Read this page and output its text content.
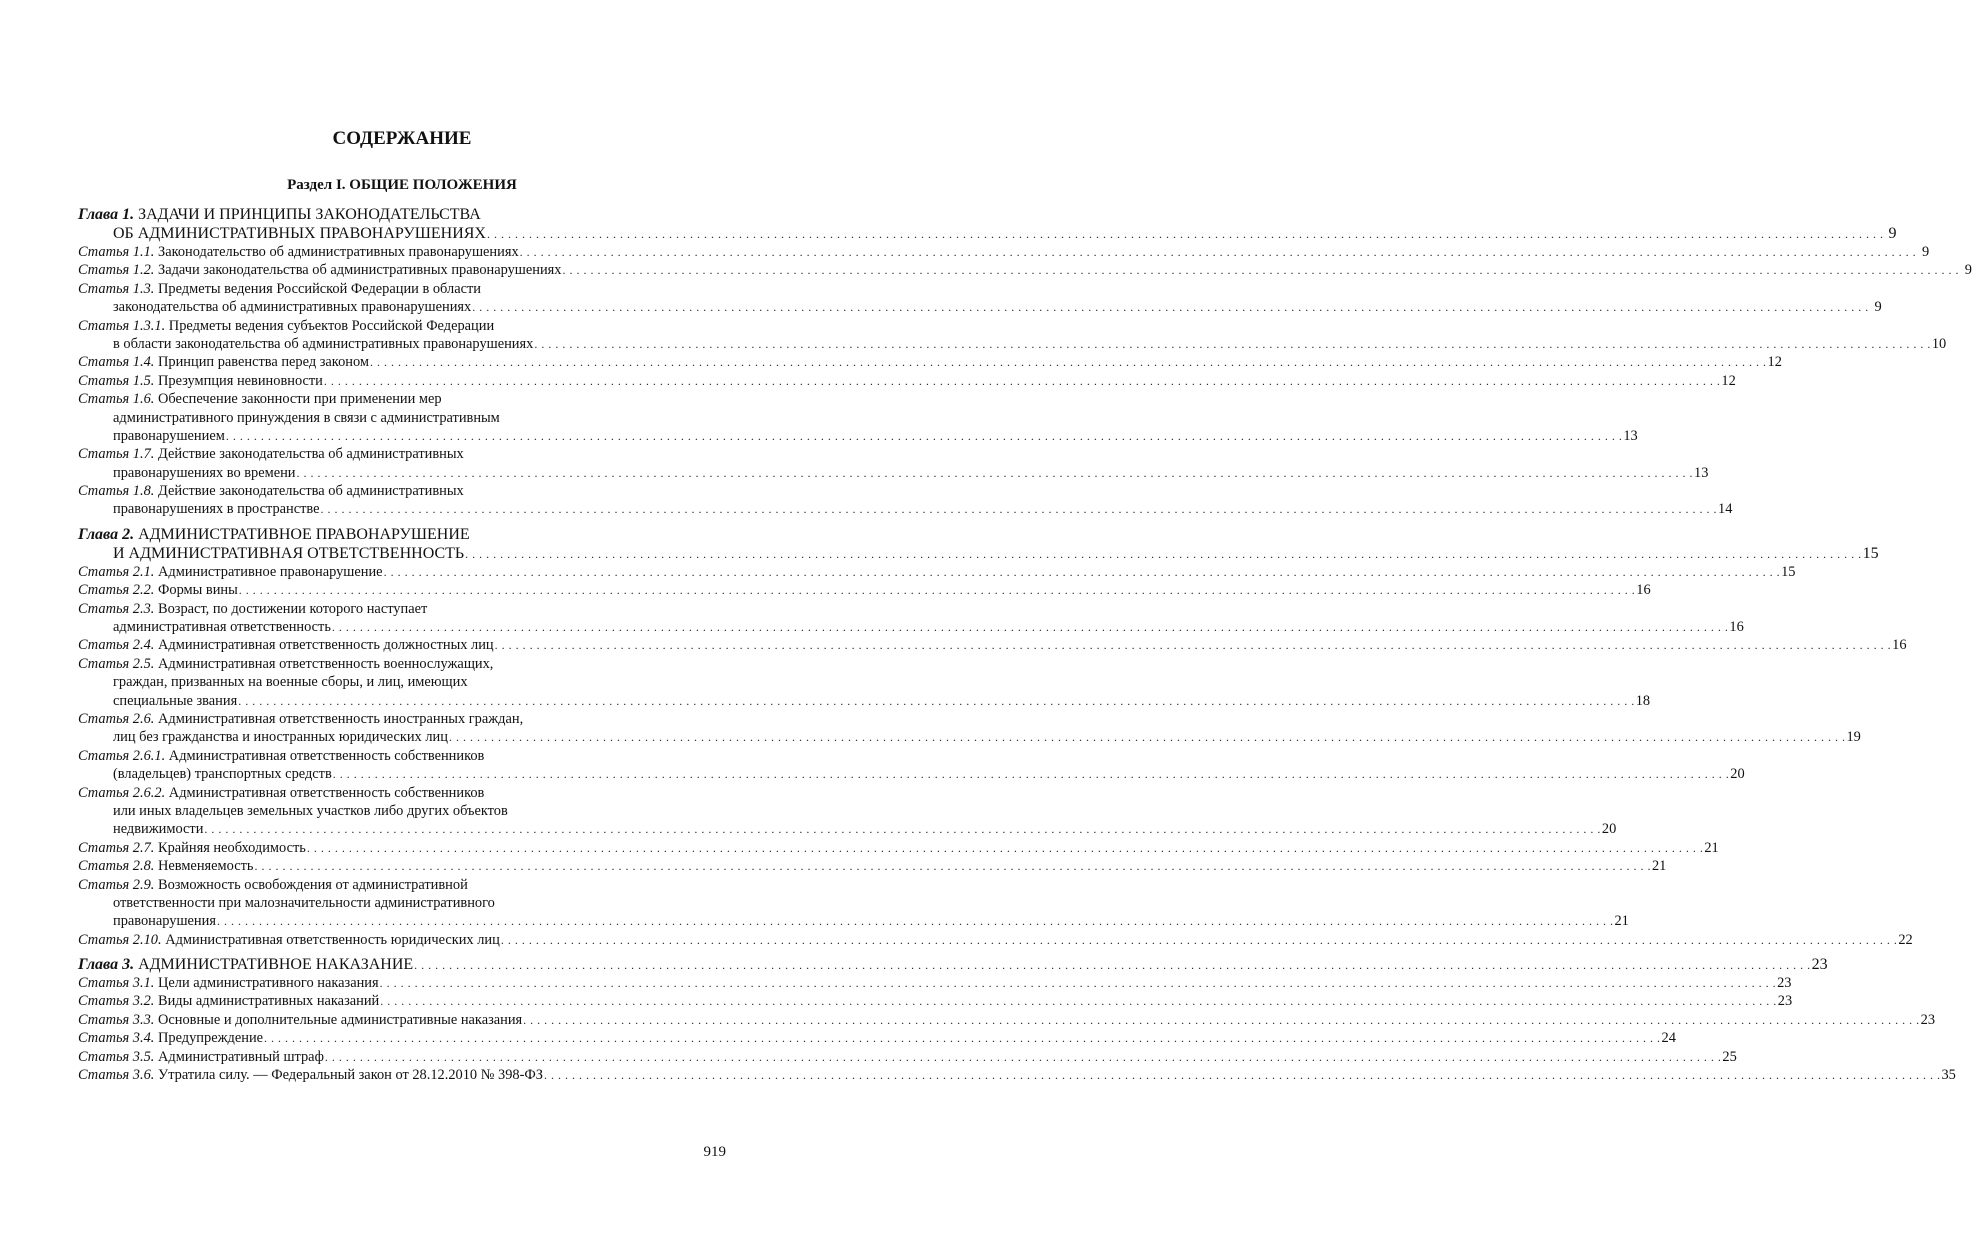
СОДЕРЖАНИЕ
Раздел I. ОБЩИЕ ПОЛОЖЕНИЯ
Глава 1. ЗАДАЧИ И ПРИНЦИПЫ ЗАКОНОДАТЕЛЬСТВА
ОБ АДМИНИСТРАТИВНЫХ ПРАВОНАРУШЕНИЯХ . . . . . . . . . . . . . . . . . . . . . . . . . . . . . . . . . . . . . . . . . . . . . . . . . . . . . . . . . . . . . . . . . . . . . . . . . . . . . . . . . . . . . . . . . . . . . . . . . . . . . . . . . . . . . . . . . . . . . . . . . . . . . . . . . . . . . . . . . . . . . . . . . . . . . . . . . . . . . . . . . . . . . . . . . . . . . . . . . . . . . . . . . . . . . . . . . . . . . . . . 9
Статья 1.1. Законодательство об административных правонарушениях . . . . . . . . . . . . . . . . . . . . . . . . . . . . . . . . . . . . . . . . . . . . . . . . . . . . . . . . . . . . . . . . . . . . . . . . . . . . . . . . . . . . . . . . . . . . . . . . . . . . . . . . . . . . . . . . . . . . . . . . . . . . . . . . . . . . . . . . . . . . . . . . . . . . . . . . . . . . . . . . . . . . . . . . . . . . . . . . . . . . . . . . . . . . . . . . . . . . . . . . 9
Статья 1.2. Задачи законодательства об административных правонарушениях . . . . . . . . . . . . . . . . . . . . . . . . . . . . . . . . . . . . . . . . . . . . . . . . . . . . . . . . . . . . . . . . . . . . . . . . . . . . . . . . . . . . . . . . . . . . . . . . . . . . . . . . . . . . . . . . . . . . . . . . . . . . . . . . . . . . . . . . . . . . . . . . . . . . . . . . . . . . . . . . . . . . . . . . . . . . . . . . . . . . . . . . . . . . . . . . . . . . . . . . 9
Статья 1.3. Предметы ведения Российской Федерации в области
законодательства об административных правонарушениях . . . . . . . . . . . . . . . . . . . . . . . . . . . . . . . . . . . . . . . . . . . . . . . . . . . . . . . . . . . . . . . . . . . . . . . . . . . . . . . . . . . . . . . . . . . . . . . . . . . . . . . . . . . . . . . . . . . . . . . . . . . . . . . . . . . . . . . . . . . . . . . . . . . . . . . . . . . . . . . . . . . . . . . . . . . . . . . . . . . . . . . . . . . . . . . . . . . . . . . . 9
Статья 1.3.1. Предметы ведения субъектов Российской Федерации
в области законодательства об административных правонарушениях . . . . . . . . . . . . . . . . . . . . . . . . . . . . . . . . . . . . . . . . . . . . . . . . . . . . . . . . . . . . . . . . . . . . . . . . . . . . . . . . . . . . . . . . . . . . . . . . . . . . . . . . . . . . . . . . . . . . . . . . . . . . . . . . . . . . . . . . . . . . . . . . . . . . . . . . . . . . . . . . . . . . . . . . . . . . . . . . . . . . . . . . . . . . . . . . . . . . . . . . 10
Статья 1.4. Принцип равенства перед законом . . . . . . . . . . . . . . . . . . . . . . . . . . . . . . . . . . . . . . . . . . . . . . . . . . . . . . . . . . . . . . . . . . . . . . . . . . . . . . . . . . . . . . . . . . . . . . . . . . . . . . . . . . . . . . . . . . . . . . . . . . . . . . . . . . . . . . . . . . . . . . . . . . . . . . . . . . . . . . . . . . . . . . . . . . . . . . . . . . . . . . . . . . . . . . . . . . . . . . . . 12
Статья 1.5. Презумпция невиновности . . . . . . . . . . . . . . . . . . . . . . . . . . . . . . . . . . . . . . . . . . . . . . . . . . . . . . . . . . . . . . . . . . . . . . . . . . . . . . . . . . . . . . . . . . . . . . . . . . . . . . . . . . . . . . . . . . . . . . . . . . . . . . . . . . . . . . . . . . . . . . . . . . . . . . . . . . . . . . . . . . . . . . . . . . . . . . . . . . . . . . . . . . . . . . . . . . . . . . . . 12
Статья 1.6. Обеспечение законности при применении мер
административного принуждения в связи с административным
правонарушением . . . . . . . . . . . . . . . . . . . . . . . . . . . . . . . . . . . . . . . . . . . . . . . . . . . . . . . . . . . . . . . . . . . . . . . . . . . . . . . . . . . . . . . . . . . . . . . . . . . . . . . . . . . . . . . . . . . . . . . . . . . . . . . . . . . . . . . . . . . . . . . . . . . . . . . . . . . . . . . . . . . . . . . . . . . . . . . . . . . . . . . . . . . . . . . . . . . . . . . . 13
Статья 1.7. Действие законодательства об административных
правонарушениях во времени . . . . . . . . . . . . . . . . . . . . . . . . . . . . . . . . . . . . . . . . . . . . . . . . . . . . . . . . . . . . . . . . . . . . . . . . . . . . . . . . . . . . . . . . . . . . . . . . . . . . . . . . . . . . . . . . . . . . . . . . . . . . . . . . . . . . . . . . . . . . . . . . . . . . . . . . . . . . . . . . . . . . . . . . . . . . . . . . . . . . . . . . . . . . . . . . . . . . . . . . 13
Статья 1.8. Действие законодательства об административных
правонарушениях в пространстве . . . . . . . . . . . . . . . . . . . . . . . . . . . . . . . . . . . . . . . . . . . . . . . . . . . . . . . . . . . . . . . . . . . . . . . . . . . . . . . . . . . . . . . . . . . . . . . . . . . . . . . . . . . . . . . . . . . . . . . . . . . . . . . . . . . . . . . . . . . . . . . . . . . . . . . . . . . . . . . . . . . . . . . . . . . . . . . . . . . . . . . . . . . . . . . . . . . . . . . . 14
Глава 2. АДМИНИСТРАТИВНОЕ ПРАВОНАРУШЕНИЕ
И АДМИНИСТРАТИВНАЯ ОТВЕТСТВЕННОСТЬ . . . . . . . . . . . . . . . . . . . . . . . . . . . . . . . . . . . . . . . . . . . . . . . . . . . . . . . . . . . . . . . . . . . . . . . . . . . . . . . . . . . . . . . . . . . . . . . . . . . . . . . . . . . . . . . . . . . . . . . . . . . . . . . . . . . . . . . . . . . . . . . . . . . . . . . . . . . . . . . . . . . . . . . . . . . . . . . . . . . . . . . . . . . . . . . . . . . . . . . . 15
Статья 2.1. Административное правонарушение . . . . . . . . . . . . . . . . . . . . . . . . . . . . . . . . . . . . . . . . . . . . . . . . . . . . . . . . . . . . . . . . . . . . . . . . . . . . . . . . . . . . . . . . . . . . . . . . . . . . . . . . . . . . . . . . . . . . . . . . . . . . . . . . . . . . . . . . . . . . . . . . . . . . . . . . . . . . . . . . . . . . . . . . . . . . . . . . . . . . . . . . . . . . . . . . . . . . . . . . 15
Статья 2.2. Формы вины . . . . . . . . . . . . . . . . . . . . . . . . . . . . . . . . . . . . . . . . . . . . . . . . . . . . . . . . . . . . . . . . . . . . . . . . . . . . . . . . . . . . . . . . . . . . . . . . . . . . . . . . . . . . . . . . . . . . . . . . . . . . . . . . . . . . . . . . . . . . . . . . . . . . . . . . . . . . . . . . . . . . . . . . . . . . . . . . . . . . . . . . . . . . . . . . . . . . . . . . 16
Статья 2.3. Возраст, по достижении которого наступает
административная ответственность . . . . . . . . . . . . . . . . . . . . . . . . . . . . . . . . . . . . . . . . . . . . . . . . . . . . . . . . . . . . . . . . . . . . . . . . . . . . . . . . . . . . . . . . . . . . . . . . . . . . . . . . . . . . . . . . . . . . . . . . . . . . . . . . . . . . . . . . . . . . . . . . . . . . . . . . . . . . . . . . . . . . . . . . . . . . . . . . . . . . . . . . . . . . . . . . . . . . . . . . 16
Статья 2.4. Административная ответственность должностных лиц . . . . . . . . . . . . . . . . . . . . . . . . . . . . . . . . . . . . . . . . . . . . . . . . . . . . . . . . . . . . . . . . . . . . . . . . . . . . . . . . . . . . . . . . . . . . . . . . . . . . . . . . . . . . . . . . . . . . . . . . . . . . . . . . . . . . . . . . . . . . . . . . . . . . . . . . . . . . . . . . . . . . . . . . . . . . . . . . . . . . . . . . . . . . . . . . . . . . . . . . 16
Статья 2.5. Административная ответственность военнослужащих,
граждан, призванных на военные сборы, и лиц, имеющих
специальные звания . . . . . . . . . . . . . . . . . . . . . . . . . . . . . . . . . . . . . . . . . . . . . . . . . . . . . . . . . . . . . . . . . . . . . . . . . . . . . . . . . . . . . . . . . . . . . . . . . . . . . . . . . . . . . . . . . . . . . . . . . . . . . . . . . . . . . . . . . . . . . . . . . . . . . . . . . . . . . . . . . . . . . . . . . . . . . . . . . . . . . . . . . . . . . . . . . . . . . . . . 18
Статья 2.6. Административная ответственность иностранных граждан,
лиц без гражданства и иностранных юридических лиц . . . . . . . . . . . . . . . . . . . . . . . . . . . . . . . . . . . . . . . . . . . . . . . . . . . . . . . . . . . . . . . . . . . . . . . . . . . . . . . . . . . . . . . . . . . . . . . . . . . . . . . . . . . . . . . . . . . . . . . . . . . . . . . . . . . . . . . . . . . . . . . . . . . . . . . . . . . . . . . . . . . . . . . . . . . . . . . . . . . . . . . . . . . . . . . . . . . . . . . . 19
Статья 2.6.1. Административная ответственность собственников
(владельцев) транспортных средств . . . . . . . . . . . . . . . . . . . . . . . . . . . . . . . . . . . . . . . . . . . . . . . . . . . . . . . . . . . . . . . . . . . . . . . . . . . . . . . . . . . . . . . . . . . . . . . . . . . . . . . . . . . . . . . . . . . . . . . . . . . . . . . . . . . . . . . . . . . . . . . . . . . . . . . . . . . . . . . . . . . . . . . . . . . . . . . . . . . . . . . . . . . . . . . . . . . . . . . . 20
Статья 2.6.2. Административная ответственность собственников
или иных владельцев земельных участков либо других объектов
недвижимости . . . . . . . . . . . . . . . . . . . . . . . . . . . . . . . . . . . . . . . . . . . . . . . . . . . . . . . . . . . . . . . . . . . . . . . . . . . . . . . . . . . . . . . . . . . . . . . . . . . . . . . . . . . . . . . . . . . . . . . . . . . . . . . . . . . . . . . . . . . . . . . . . . . . . . . . . . . . . . . . . . . . . . . . . . . . . . . . . . . . . . . . . . . . . . . . . . . . . . . . 20
Статья 2.7. Крайняя необходимость . . . . . . . . . . . . . . . . . . . . . . . . . . . . . . . . . . . . . . . . . . . . . . . . . . . . . . . . . . . . . . . . . . . . . . . . . . . . . . . . . . . . . . . . . . . . . . . . . . . . . . . . . . . . . . . . . . . . . . . . . . . . . . . . . . . . . . . . . . . . . . . . . . . . . . . . . . . . . . . . . . . . . . . . . . . . . . . . . . . . . . . . . . . . . . . . . . . . . . . . 21
Статья 2.8. Невменяемость . . . . . . . . . . . . . . . . . . . . . . . . . . . . . . . . . . . . . . . . . . . . . . . . . . . . . . . . . . . . . . . . . . . . . . . . . . . . . . . . . . . . . . . . . . . . . . . . . . . . . . . . . . . . . . . . . . . . . . . . . . . . . . . . . . . . . . . . . . . . . . . . . . . . . . . . . . . . . . . . . . . . . . . . . . . . . . . . . . . . . . . . . . . . . . . . . . . . . . . . 21
Статья 2.9. Возможность освобождения от административной
ответственности при малозначительности административного
правонарушения . . . . . . . . . . . . . . . . . . . . . . . . . . . . . . . . . . . . . . . . . . . . . . . . . . . . . . . . . . . . . . . . . . . . . . . . . . . . . . . . . . . . . . . . . . . . . . . . . . . . . . . . . . . . . . . . . . . . . . . . . . . . . . . . . . . . . . . . . . . . . . . . . . . . . . . . . . . . . . . . . . . . . . . . . . . . . . . . . . . . . . . . . . . . . . . . . . . . . . . . 21
Статья 2.10. Административная ответственность юридических лиц . . . . . . . . . . . . . . . . . . . . . . . . . . . . . . . . . . . . . . . . . . . . . . . . . . . . . . . . . . . . . . . . . . . . . . . . . . . . . . . . . . . . . . . . . . . . . . . . . . . . . . . . . . . . . . . . . . . . . . . . . . . . . . . . . . . . . . . . . . . . . . . . . . . . . . . . . . . . . . . . . . . . . . . . . . . . . . . . . . . . . . . . . . . . . . . . . . . . . . . . 22
Глава 3. АДМИНИСТРАТИВНОЕ НАКАЗАНИЕ . . . . . . . . . . . . . . . . . . . . . . . . . . . . . . . . . . . . . . . . . . . . . . . . . . . . . . . . . . . . . . . . . . . . . . . . . . . . . . . . . . . . . . . . . . . . . . . . . . . . . . . . . . . . . . . . . . . . . . . . . . . . . . . . . . . . . . . . . . . . . . . . . . . . . . . . . . . . . . . . . . . . . . . . . . . . . . . . . . . . . . . . . . . . . . . . . . . . . . . . 23
Статья 3.1. Цели административного наказания . . . . . . . . . . . . . . . . . . . . . . . . . . . . . . . . . . . . . . . . . . . . . . . . . . . . . . . . . . . . . . . . . . . . . . . . . . . . . . . . . . . . . . . . . . . . . . . . . . . . . . . . . . . . . . . . . . . . . . . . . . . . . . . . . . . . . . . . . . . . . . . . . . . . . . . . . . . . . . . . . . . . . . . . . . . . . . . . . . . . . . . . . . . . . . . . . . . . . . . . 23
Статья 3.2. Виды административных наказаний . . . . . . . . . . . . . . . . . . . . . . . . . . . . . . . . . . . . . . . . . . . . . . . . . . . . . . . . . . . . . . . . . . . . . . . . . . . . . . . . . . . . . . . . . . . . . . . . . . . . . . . . . . . . . . . . . . . . . . . . . . . . . . . . . . . . . . . . . . . . . . . . . . . . . . . . . . . . . . . . . . . . . . . . . . . . . . . . . . . . . . . . . . . . . . . . . . . . . . . . 23
Статья 3.3. Основные и дополнительные административные наказания . . . . . . . . . . . . . . . . . . . . . . . . . . . . . . . . . . . . . . . . . . . . . . . . . . . . . . . . . . . . . . . . . . . . . . . . . . . . . . . . . . . . . . . . . . . . . . . . . . . . . . . . . . . . . . . . . . . . . . . . . . . . . . . . . . . . . . . . . . . . . . . . . . . . . . . . . . . . . . . . . . . . . . . . . . . . . . . . . . . . . . . . . . . . . . . . . . . . . . . . 23
Статья 3.4. Предупреждение . . . . . . . . . . . . . . . . . . . . . . . . . . . . . . . . . . . . . . . . . . . . . . . . . . . . . . . . . . . . . . . . . . . . . . . . . . . . . . . . . . . . . . . . . . . . . . . . . . . . . . . . . . . . . . . . . . . . . . . . . . . . . . . . . . . . . . . . . . . . . . . . . . . . . . . . . . . . . . . . . . . . . . . . . . . . . . . . . . . . . . . . . . . . . . . . . . . . . . . . 24
Статья 3.5. Административный штраф . . . . . . . . . . . . . . . . . . . . . . . . . . . . . . . . . . . . . . . . . . . . . . . . . . . . . . . . . . . . . . . . . . . . . . . . . . . . . . . . . . . . . . . . . . . . . . . . . . . . . . . . . . . . . . . . . . . . . . . . . . . . . . . . . . . . . . . . . . . . . . . . . . . . . . . . . . . . . . . . . . . . . . . . . . . . . . . . . . . . . . . . . . . . . . . . . . . . . . . . 25
Статья 3.6. Утратила силу. — Федеральный закон от 28.12.2010 № 398-ФЗ . . . . . . . . . . . . . . . . . . . . . . . . . . . . . . . . . . . . . . . . . . . . . . . . . . . . . . . . . . . . . . . . . . . . . . . . . . . . . . . . . . . . . . . . . . . . . . . . . . . . . . . . . . . . . . . . . . . . . . . . . . . . . . . . . . . . . . . . . . . . . . . . . . . . . . . . . . . . . . . . . . . . . . . . . . . . . . . . . . . . . . . . . . . . . . . . . . . . . . . . 35
919
